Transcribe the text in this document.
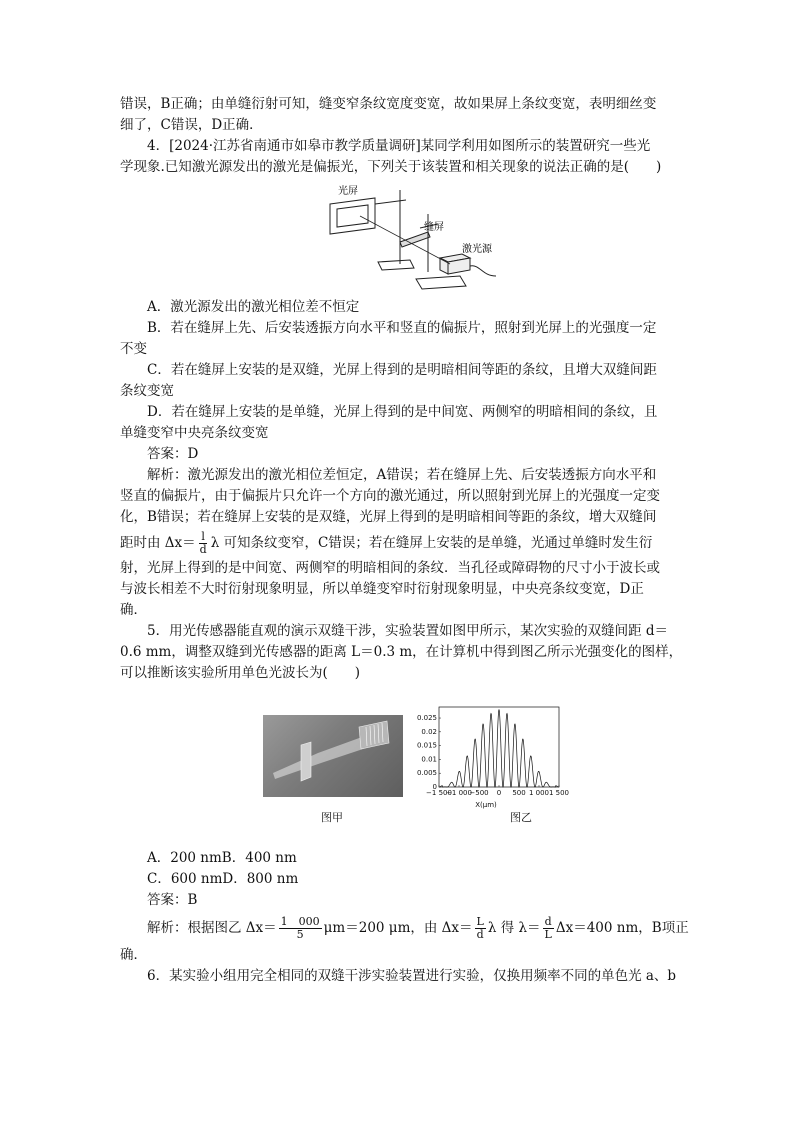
错误，B正确；由单缝衍射可知，缝变窄条纹宽度变宽，故如果屏上条纹变宽，表明细丝变
细了，C错误，D正确．
4．[2024·江苏省南通市如皋市教学质量调研]某同学利用如图所示的装置研究一些光
学现象.已知激光源发出的激光是偏振光，下列关于该装置和相关现象的说法正确的是(　　)
A．激光源发出的激光相位差不恒定
B．若在缝屏上先、后安装透振方向水平和竖直的偏振片，照射到光屏上的光强度一定
不变
C．若在缝屏上安装的是双缝，光屏上得到的是明暗相间等距的条纹，且增大双缝间距
条纹变宽
D．若在缝屏上安装的是单缝，光屏上得到的是中间宽、两侧窄的明暗相间的条纹，且
单缝变窄中央亮条纹变宽
答案：D
解析：激光源发出的激光相位差恒定，A错误；若在缝屏上先、后安装透振方向水平和
竖直的偏振片，由于偏振片只允许一个方向的激光通过，所以照射到光屏上的光强度一定变
化，B错误；若在缝屏上安装的是双缝，光屏上得到的是明暗相间等距的条纹，增大双缝间
距时由 $\Delta x= \frac{l}{d}$ λ 可知条纹变窄，C错误；若在缝屏上安装的是单缝，光通过单缝时发生衍
射，光屏上得到的是中间宽、两侧窄的明暗相间的条纹．当孔径或障碍物的尺寸小于波长或
与波长相差不大时衍射现象明显，所以单缝变窄时衍射现象明显，中央亮条纹变宽，D正
确．
5．用光传感器能直观的演示双缝干涉，实验装置如图甲所示，某次实验的双缝间距 d＝
0.6 mm，调整双缝到光传感器的距离 L＝0.3 m，在计算机中得到图乙所示光强变化的图样，
可以推断该实验所用单色光波长为(　　)
A．200 nmB．400 nm
C．600 nmD．800 nm
答案：B
解析：根据图乙 $\Delta x= \frac{1 000}{5} \mu m=200$ μm，由 $\Delta x= \frac{L}{d}$ λ 得 $\lambda= \frac{d}{L} \Delta x=400$ nm，B项正
确．
6．某实验小组用完全相同的双缝干涉实验装置进行实验，仅换用频率不同的单色光 a、b
光屏
缝屏
激光源
0
0.005
0.01
0.015
0.02
0.025
−1 500
−1 000
−500 0 500 1 000 1 500
X(μm)
图甲	图乙
